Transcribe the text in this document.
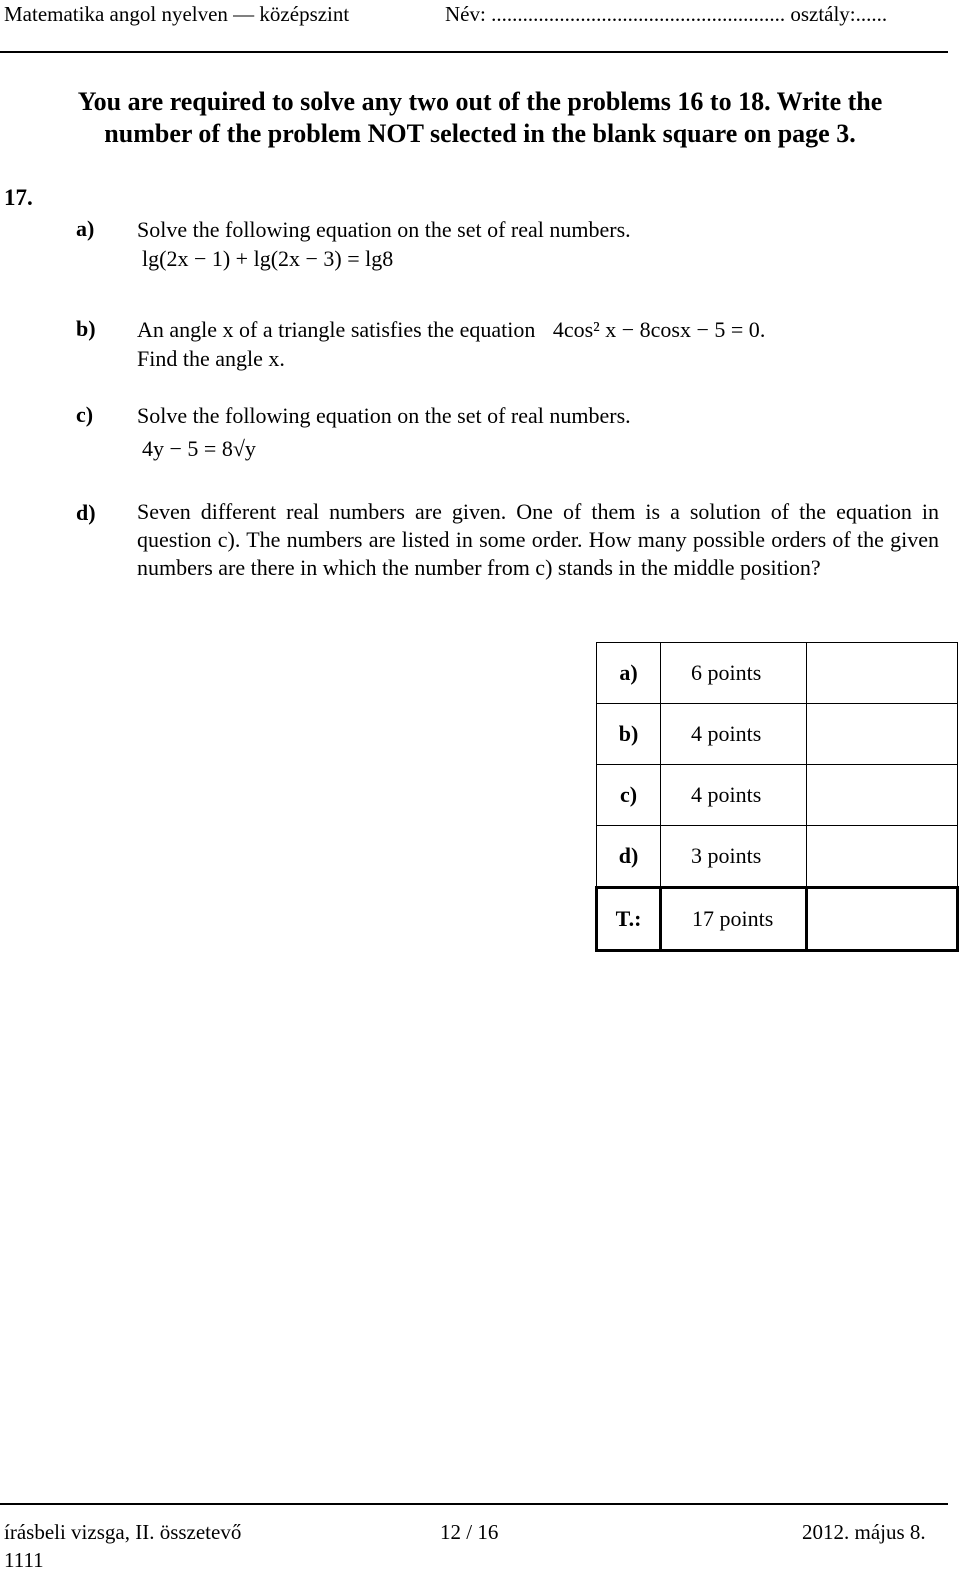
Matematika angol nyelven — középszint	Név: ........................................................ osztály:......
You are required to solve any two out of the problems 16 to 18. Write the
number of the problem NOT selected in the blank square on page 3.
17.
a) Solve the following equation on the set of real numbers.
lg(2x − 1) + lg(2x − 3) = lg8
b) An angle x of a triangle satisfies the equation 4cos² x − 8cosx − 5 = 0.
Find the angle x.
c) Solve the following equation on the set of real numbers.
4y − 5 = 8√y
d) Seven different real numbers are given. One of them is a solution of the equation in question c). The numbers are listed in some order. How many possible orders of the given numbers are there in which the number from c) stands in the middle position?
a)	6 points	
b)	4 points	
c)	4 points	
d)	3 points	
T.:	17 points	
írásbeli vizsga, II. összetevő	12 / 16	2012. május 8.
1111
